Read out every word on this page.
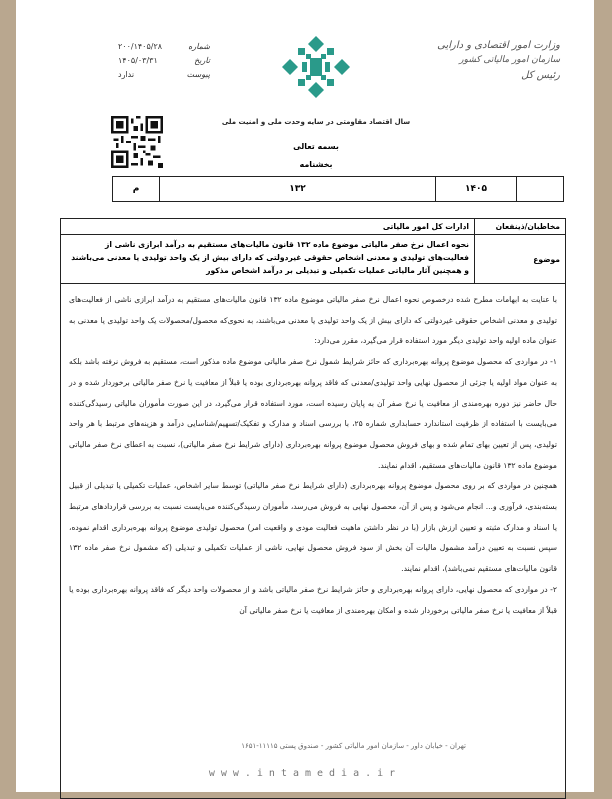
شماره
۲۰۰/۱۴۰۵/۲۸
تاریخ
۱۴۰۵/۰۳/۳۱
پیوست
ندارد
وزارت امور اقتصادی و دارایی
سازمان امور مالیاتی کشور
رئیس کل
سال اقتصاد مقاومتی در سایه وحدت ملی و امنیت ملی
بسمه تعالی
بخشنامه
	۱۴۰۵	۱۳۲	م
مخاطبان/ذینفعان	ادارات کل امور مالیاتی
موضوع	نحوه اعمال نرخ صفر مالیاتی موضوع ماده ۱۳۲ قانون مالیات‌های مستقیم به درآمد ابرازی ناشی از فعالیت‌های تولیدی و معدنی اشخاص حقوقی غیردولتی که دارای بیش از یک واحد تولیدی یا معدنی می‌باشند و همچنین آثار مالیاتی عملیات تکمیلی و تبدیلی بر درآمد اشخاص مذکور

با عنایت به ابهامات مطرح شده درخصوص نحوه اعمال نرخ صفر مالیاتی موضوع ماده ۱۳۲ قانون مالیات‌های مستقیم به درآمد ابرازی ناشی از فعالیت‌های تولیدی و معدنی اشخاص حقوقی غیردولتی که دارای بیش از یک واحد تولیدی یا معدنی می‌باشند، به نحوی‌که محصول/محصولات یک واحد تولیدی یا معدنی به عنوان ماده اولیه واحد تولیدی دیگر مورد استفاده قرار می‌گیرد، مقرر می‌دارد:

۱- در مواردی که محصول موضوع پروانه بهره‌برداری که حائز شرایط شمول نرخ صفر مالیاتی موضوع ماده مذکور است، مستقیم به فروش نرفته باشد بلکه به عنوان مواد اولیه یا جزئی از محصول نهایی واحد تولیدی/معدنی که فاقد پروانه بهره‌برداری بوده یا قبلاً از معافیت یا نرخ صفر مالیاتی برخوردار شده و در حال حاضر نیز دوره بهره‌مندی از معافیت یا نرخ صفر آن به پایان رسیده است، مورد استفاده قرار می‌گیرد، در این صورت مأموران مالیاتی رسیدگی‌کننده می‌بایست با استفاده از ظرفیت استاندارد حسابداری شماره ۲۵، با بررسی اسناد و مدارک و تفکیک/تسهیم/شناسایی درآمد و هزینه‌های مرتبط با هر واحد تولیدی، پس از تعیین بهای تمام شده و بهای فروش محصول موضوع پروانه بهره‌برداری (دارای شرایط نرخ صفر مالیاتی)، نسبت به اعطای نرخ صفر مالیاتی موضوع ماده ۱۳۲ قانون مالیات‌های مستقیم، اقدام نمایند.

همچنین در مواردی که بر روی محصول موضوع پروانه بهره‌برداری (دارای شرایط نرخ صفر مالیاتی) توسط سایر اشخاص، عملیات تکمیلی یا تبدیلی از قبیل بسته‌بندی، فرآوری و... انجام می‌شود و پس از آن، محصول نهایی به فروش می‌رسد، مأموران رسیدگی‌کننده می‌بایست نسبت به بررسی قراردادهای مرتبط یا اسناد و مدارک مثبته و تعیین ارزش بازار (با در نظر داشتن ماهیت فعالیت مودی و واقعیت امر) محصول تولیدی موضوع پروانه بهره‌برداری اقدام نموده، سپس نسبت به تعیین درآمد مشمول مالیات آن بخش از سود فروش محصول نهایی، ناشی از عملیات تکمیلی و تبدیلی (که مشمول نرخ صفر ماده ۱۳۲ قانون مالیات‌های مستقیم نمی‌باشد)، اقدام نمایند.

۲- در مواردی که محصول نهایی، دارای پروانه بهره‌برداری و حائز شرایط نرخ صفر مالیاتی باشد و از محصولات واحد دیگر که فاقد پروانه بهره‌برداری بوده یا قبلاً از معافیت یا نرخ صفر مالیاتی برخوردار شده و امکان بهره‌مندی از معافیت یا نرخ صفر مالیاتی آن	

تهران - خیابان داور - سازمان امور مالیاتی کشور - صندوق پستی ۱۱۱۱۵-۱۶۵۱
www.intamedia.ir
